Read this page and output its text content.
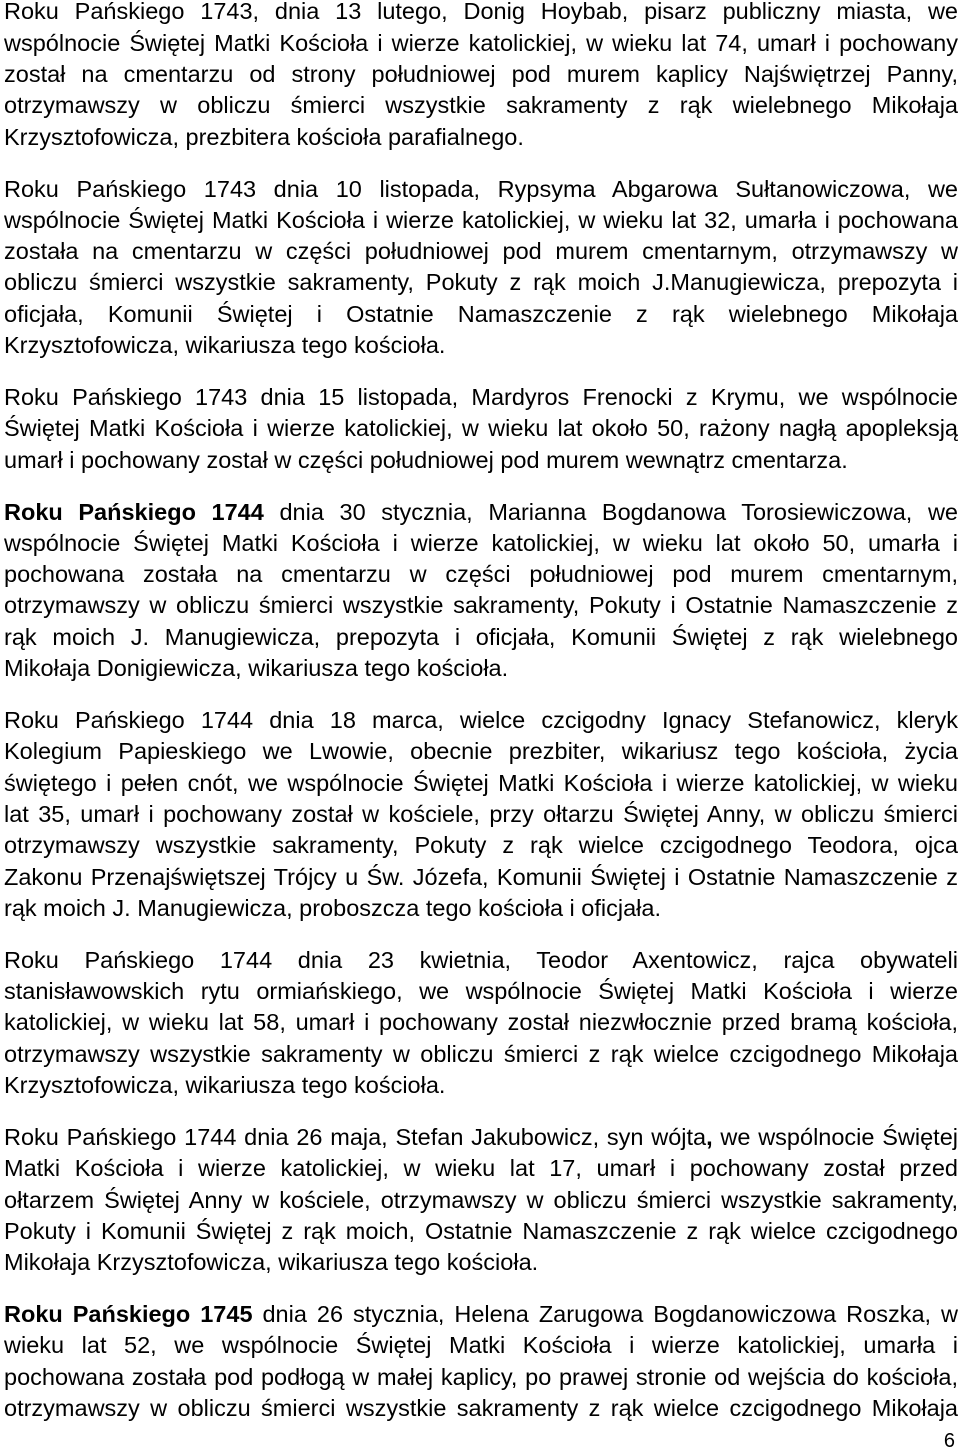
Roku Pańskiego 1743, dnia 13 lutego, Donig Hoybab, pisarz publiczny miasta, we
wspólnocie Świętej Matki Kościoła i wierze katolickiej, w wieku lat 74, umarł i pochowany
został na cmentarzu od strony południowej pod murem kaplicy Najświętrzej Panny,
otrzymawszy w obliczu śmierci wszystkie sakramenty z rąk wielebnego Mikołaja
Krzysztofowicza, prezbitera kościoła parafialnego.
Roku Pańskiego 1743 dnia 10 listopada, Rypsyma Abgarowa Sułtanowiczowa, we
wspólnocie Świętej Matki Kościoła i wierze katolickiej, w wieku lat 32, umarła i pochowana
została na cmentarzu w części południowej pod murem cmentarnym, otrzymawszy w
obliczu śmierci wszystkie sakramenty, Pokuty z rąk moich J.Manugiewicza, prepozyta i
oficjała, Komunii Świętej i Ostatnie Namaszczenie z rąk wielebnego Mikołaja
Krzysztofowicza, wikariusza tego kościoła.
Roku Pańskiego 1743 dnia 15 listopada, Mardyros Frenocki z Krymu, we wspólnocie
Świętej Matki Kościoła i wierze katolickiej, w wieku lat około 50, rażony nagłą apopleksją
umarł i pochowany został w części południowej pod murem wewnątrz cmentarza.
Roku Pańskiego 1744 dnia 30 stycznia, Marianna Bogdanowa Torosiewiczowa, we
wspólnocie Świętej Matki Kościoła i wierze katolickiej, w wieku lat około 50, umarła i
pochowana została na cmentarzu w części południowej pod murem cmentarnym,
otrzymawszy w obliczu śmierci wszystkie sakramenty, Pokuty i Ostatnie Namaszczenie z
rąk moich J. Manugiewicza, prepozyta i oficjała, Komunii Świętej z rąk wielebnego
Mikołaja Donigiewicza, wikariusza tego kościoła.
Roku Pańskiego 1744 dnia 18 marca, wielce czcigodny Ignacy Stefanowicz, kleryk
Kolegium Papieskiego we Lwowie, obecnie prezbiter, wikariusz tego kościoła, życia
świętego i pełen cnót, we wspólnocie Świętej Matki Kościoła i wierze katolickiej, w wieku
lat 35, umarł i pochowany został w kościele, przy ołtarzu Świętej Anny, w obliczu śmierci
otrzymawszy wszystkie sakramenty, Pokuty z rąk wielce czcigodnego Teodora, ojca
Zakonu Przenajświętszej Trójcy u Św. Józefa, Komunii Świętej i Ostatnie Namaszczenie z
rąk moich J. Manugiewicza, proboszcza tego kościoła i oficjała.
Roku Pańskiego 1744 dnia 23 kwietnia, Teodor Axentowicz, rajca obywateli
stanisławowskich rytu ormiańskiego, we wspólnocie Świętej Matki Kościoła i wierze
katolickiej, w wieku lat 58, umarł i pochowany został niezwłocznie przed bramą kościoła,
otrzymawszy wszystkie sakramenty w obliczu śmierci z rąk wielce czcigodnego Mikołaja
Krzysztofowicza, wikariusza tego kościoła.
Roku Pańskiego 1744 dnia 26 maja, Stefan Jakubowicz, syn wójta, we wspólnocie Świętej
Matki Kościoła i wierze katolickiej, w wieku lat 17, umarł i pochowany został przed
ołtarzem Świętej Anny w kościele, otrzymawszy w obliczu śmierci wszystkie sakramenty,
Pokuty i Komunii Świętej z rąk moich, Ostatnie Namaszczenie z rąk wielce czcigodnego
Mikołaja Krzysztofowicza, wikariusza tego kościoła.
Roku Pańskiego 1745 dnia 26 stycznia, Helena Zarugowa Bogdanowiczowa Roszka, w
wieku lat 52, we wspólnocie Świętej Matki Kościoła i wierze katolickiej, umarła i
pochowana została pod podłogą w małej kaplicy, po prawej stronie od wejścia do kościoła,
otrzymawszy w obliczu śmierci wszystkie sakramenty z rąk wielce czcigodnego Mikołaja
6
